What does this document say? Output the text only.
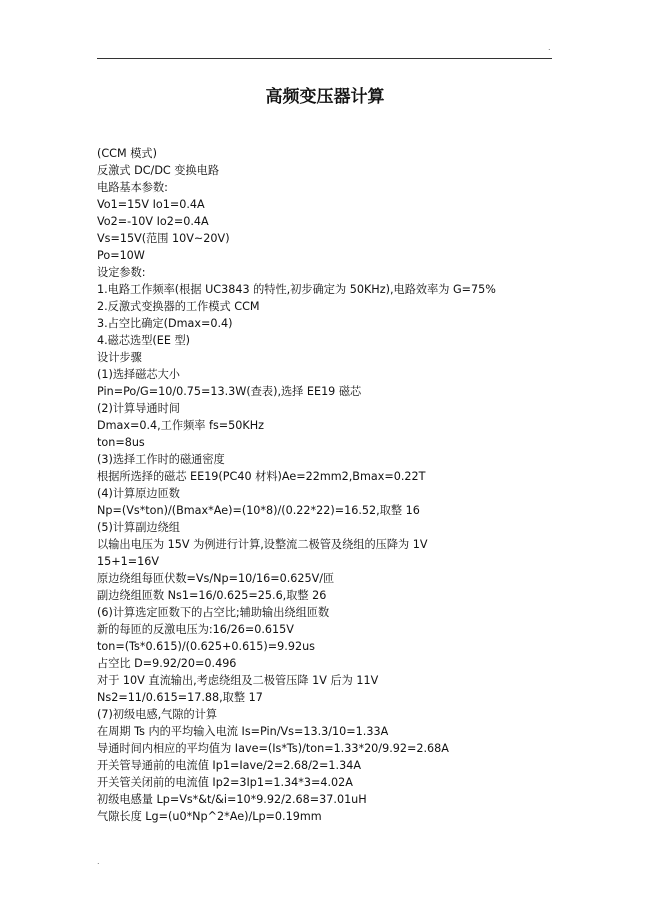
.
高频变压器计算
(CCM 模式)
反激式 DC/DC 变换电路
电路基本参数:
Vo1=15V Io1=0.4A
Vo2=-10V Io2=0.4A
Vs=15V(范围 10V~20V)
Po=10W
设定参数:
1.电路工作频率(根据 UC3843 的特性,初步确定为 50KHz),电路效率为 G=75%
2.反激式变换器的工作模式 CCM
3.占空比确定(Dmax=0.4)
4.磁芯选型(EE 型)
设计步骤
(1)选择磁芯大小
Pin=Po/G=10/0.75=13.3W(查表),选择 EE19 磁芯
(2)计算导通时间
Dmax=0.4,工作频率 fs=50KHz
ton=8us
(3)选择工作时的磁通密度
根据所选择的磁芯 EE19(PC40 材料)Ae=22mm2,Bmax=0.22T
(4)计算原边匝数
Np=(Vs*ton)/(Bmax*Ae)=(10*8)/(0.22*22)=16.52,取整 16
(5)计算副边绕组
以输出电压为 15V 为例进行计算,设整流二极管及绕组的压降为 1V
15+1=16V
原边绕组每匝伏数=Vs/Np=10/16=0.625V/匝
副边绕组匝数 Ns1=16/0.625=25.6,取整 26
(6)计算选定匝数下的占空比;辅助输出绕组匝数
新的每匝的反激电压为:16/26=0.615V
ton=(Ts*0.615)/(0.625+0.615)=9.92us
占空比 D=9.92/20=0.496
对于 10V 直流输出,考虑绕组及二极管压降 1V 后为 11V
Ns2=11/0.615=17.88,取整 17
(7)初级电感,气隙的计算
在周期 Ts 内的平均输入电流 Is=Pin/Vs=13.3/10=1.33A
导通时间内相应的平均值为 Iave=(Is*Ts)/ton=1.33*20/9.92=2.68A
开关管导通前的电流值 Ip1=Iave/2=2.68/2=1.34A
开关管关闭前的电流值 Ip2=3Ip1=1.34*3=4.02A
初级电感量 Lp=Vs*&t/&i=10*9.92/2.68=37.01uH
气隙长度 Lg=(u0*Np^2*Ae)/Lp=0.19mm
.
